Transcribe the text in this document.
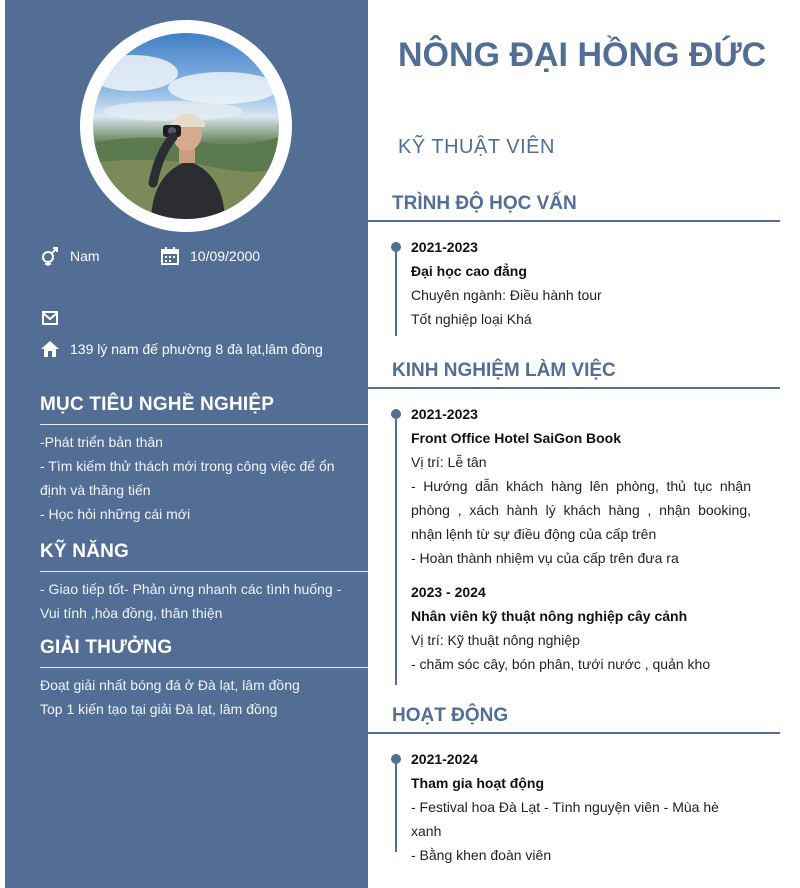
Nam	10/09/2000
139 lý nam đế phường 8 đà lạt,lâm đồng
MỤC TIÊU NGHỀ NGHIỆP

-Phát triển bản thân

- Tìm kiếm thử thách mới trong công việc để ổn định và thăng tiến

- Học hỏi những cái mới

KỸ NĂNG

- Giao tiếp tốt- Phản ứng nhanh các tình huống - Vui tính ,hòa đồng, thân thiện

GIẢI THƯỞNG

Đoạt giải nhất bóng đá ở Đà lạt, lâm đồng

Top 1 kiến tạo tại giải Đà lạt, lâm đồng

NÔNG ĐẠI HỒNG ĐỨC
KỸ THUẬT VIÊN
TRÌNH ĐỘ HỌC VẤN

2021-2023

Đại học cao đẳng

Chuyên ngành: Điều hành tour

Tốt nghiệp loại Khá

KINH NGHIỆM LÀM VIỆC

2021-2023

Front Office Hotel SaiGon Book

Vị trí: Lễ tân

- Hướng dẫn khách hàng lên phòng, thủ tục nhận phòng , xách hành lý khách hàng , nhận booking, nhận lệnh từ sự điều động của cấp trên

- Hoàn thành nhiệm vụ của cấp trên đưa ra

2023 - 2024

Nhân viên kỹ thuật nông nghiệp cây cảnh

Vị trí: Kỹ thuật nông nghiệp

- chăm sóc cây, bón phân, tưới nước , quản kho

HOẠT ĐỘNG

2021-2024

Tham gia hoạt động

- Festival hoa Đà Lạt - Tình nguyện viên - Mùa hè xanh

- Bằng khen đoàn viên
